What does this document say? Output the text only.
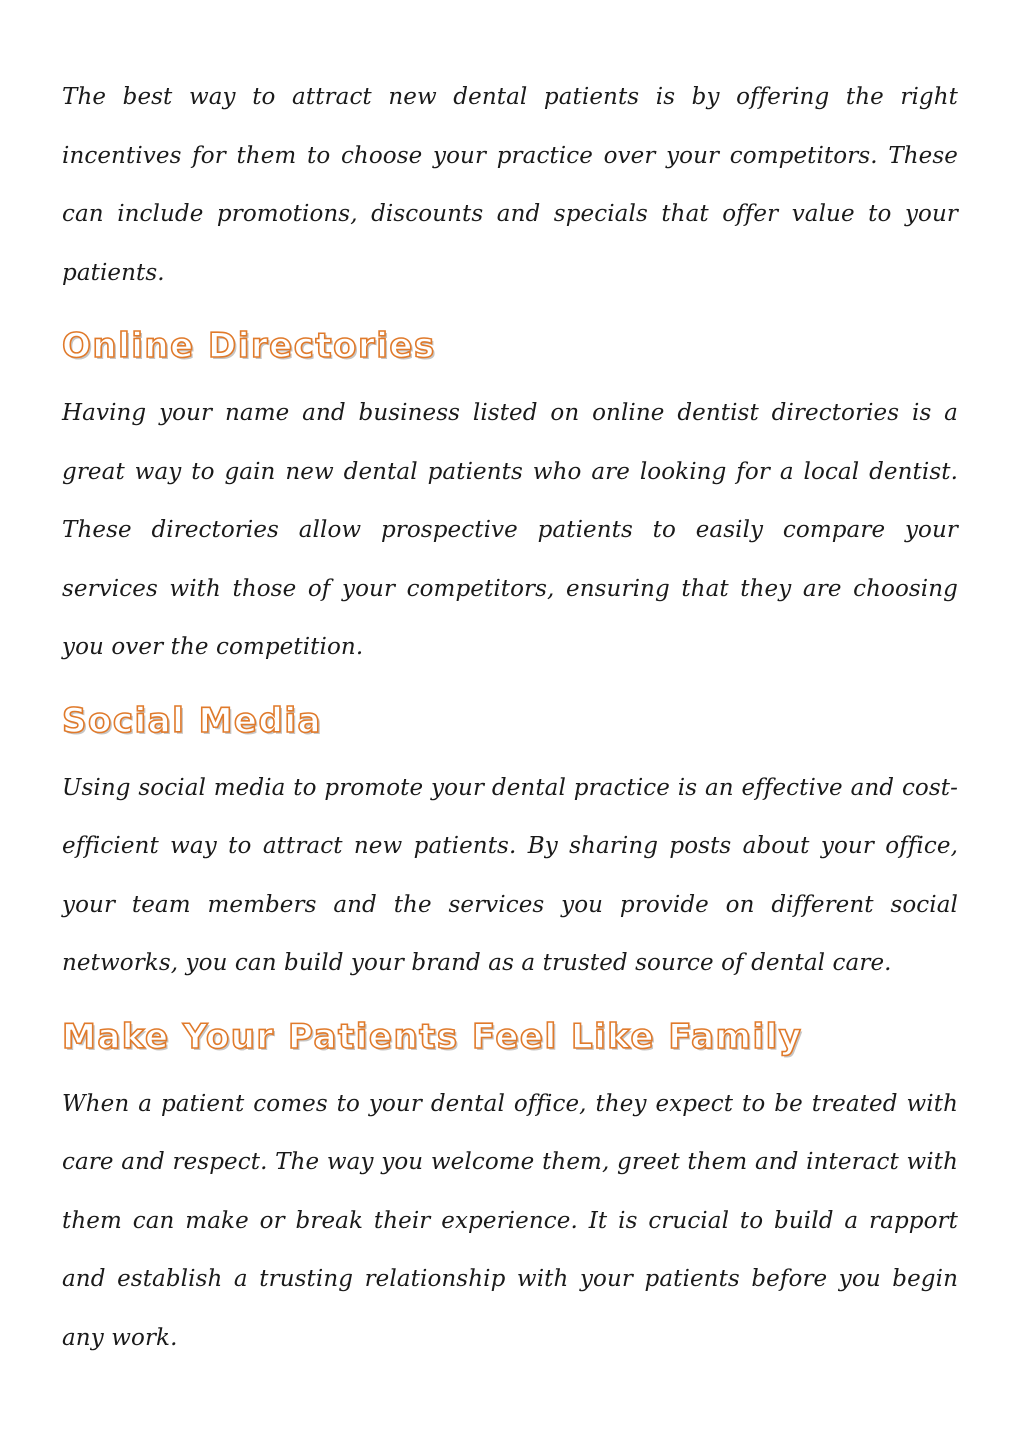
The best way to attract new dental patients is by offering the right incentives for them to choose your practice over your competitors. These can include promotions, discounts and specials that offer value to your patients.

Online Directories

Having your name and business listed on online dentist directories is a great way to gain new dental patients who are looking for a local dentist. These directories allow prospective patients to easily compare your services with those of your competitors, ensuring that they are choosing you over the competition.

Social Media

Using social media to promote your dental practice is an effective and cost-efficient way to attract new patients. By sharing posts about your office, your team members and the services you provide on different social networks, you can build your brand as a trusted source of dental care.

Make Your Patients Feel Like Family

When a patient comes to your dental office, they expect to be treated with care and respect. The way you welcome them, greet them and interact with them can make or break their experience. It is crucial to build a rapport and establish a trusting relationship with your patients before you begin any work.
